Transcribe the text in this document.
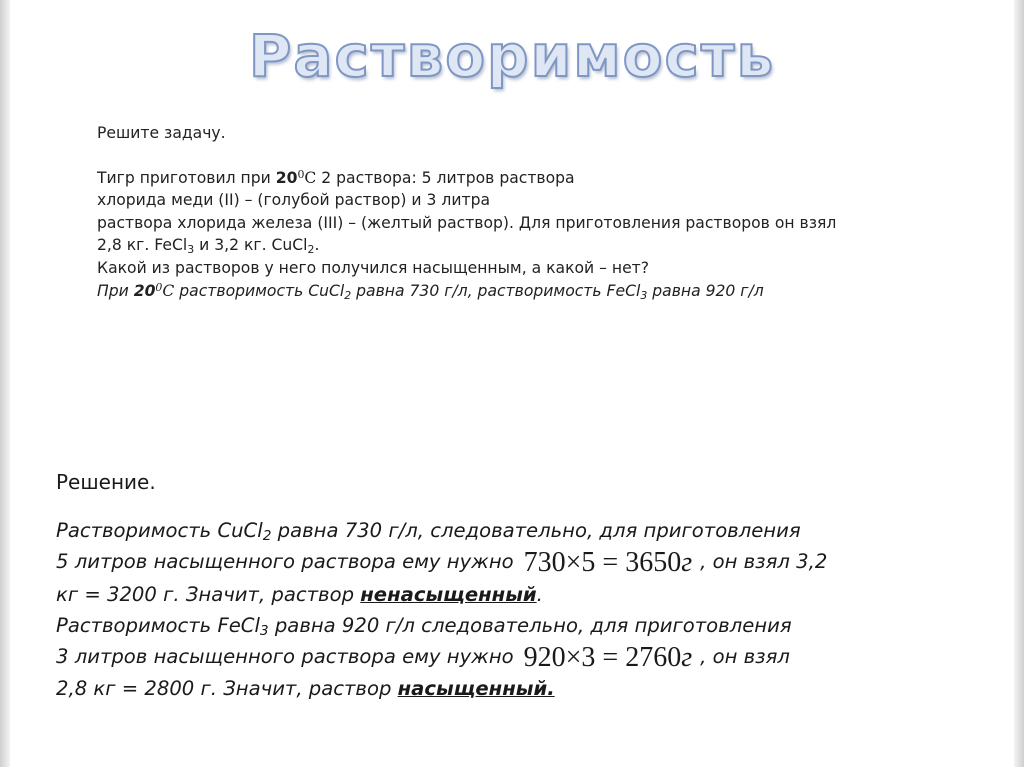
Растворимость

Решите задачу.

Тигр приготовил при $20^0С$ 2 раствора: 5 литров раствора

хлорида меди (II) – (голубой раствор) и 3 литра

раствора хлорида железа (III) – (желтый раствор). Для приготовления растворов он взял

2,8 кг. FeCl$_3$ и 3,2 кг. CuCl$_2$.

Какой из растворов у него получился насыщенным, а какой – нет?

При $20^0С$ растворимость CuCl$_2$ равна 730 г/л, растворимость FeCl$_3$ равна 920 г/л

Решение.

Растворимость CuCl$_2$ равна 730 г/л, следовательно, для приготовления

5 литров насыщенного раствора ему нужно 730×5 = 3650г , он взял 3,2

кг = 3200 г. Значит, раствор ненасыщенный.

Растворимость FeCl$_3$ равна 920 г/л следовательно, для приготовления

3 литров насыщенного раствора ему нужно 920×3 = 2760г , он взял

2,8 кг = 2800 г. Значит, раствор насыщенный.
